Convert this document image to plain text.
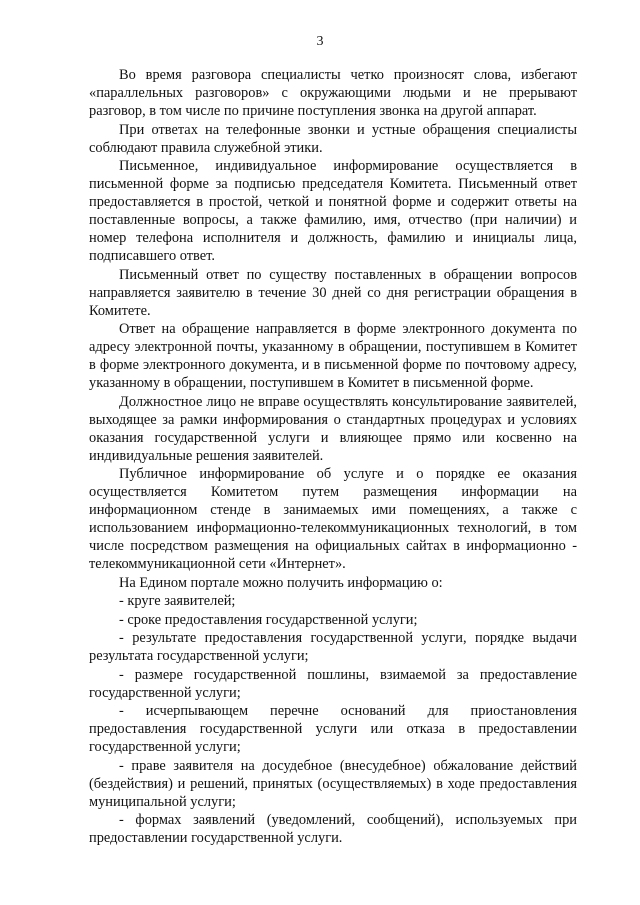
3

Во время разговора специалисты четко произносят слова, избегают «параллельных разговоров» с окружающими людьми и не прерывают разговор, в том числе по причине поступления звонка на другой аппарат.

При ответах на телефонные звонки и устные обращения специалисты соблюдают правила служебной этики.

Письменное, индивидуальное информирование осуществляется в письменной форме за подписью председателя Комитета. Письменный ответ предоставляется в простой, четкой и понятной форме и содержит ответы на поставленные вопросы, а также фамилию, имя, отчество (при наличии) и номер телефона исполнителя и должность, фамилию и инициалы лица, подписавшего ответ.

Письменный ответ по существу поставленных в обращении вопросов направляется заявителю в течение 30 дней со дня регистрации обращения в Комитете.

Ответ на обращение направляется в форме электронного документа по адресу электронной почты, указанному в обращении, поступившем в Комитет в форме электронного документа, и в письменной форме по почтовому адресу, указанному в обращении, поступившем в Комитет в письменной форме.

Должностное лицо не вправе осуществлять консультирование заявителей, выходящее за рамки информирования о стандартных процедурах и условиях оказания государственной услуги и влияющее прямо или косвенно на индивидуальные решения заявителей.

Публичное информирование об услуге и о порядке ее оказания осуществляется Комитетом путем размещения информации на информационном стенде в занимаемых ими помещениях, а также с использованием информационно-телекоммуникационных технологий, в том числе посредством размещения на официальных сайтах в информационно - телекоммуникационной сети «Интернет».

На Едином портале можно получить информацию о:

- круге заявителей;

- сроке предоставления государственной услуги;

- результате предоставления государственной услуги, порядке выдачи результата государственной услуги;

- размере государственной пошлины, взимаемой за предоставление государственной услуги;

- исчерпывающем перечне оснований для приостановления предоставления государственной услуги или отказа в предоставлении государственной услуги;

- праве заявителя на досудебное (внесудебное) обжалование действий (бездействия) и решений, принятых (осуществляемых) в ходе предоставления муниципальной услуги;

- формах заявлений (уведомлений, сообщений), используемых при предоставлении государственной услуги.
